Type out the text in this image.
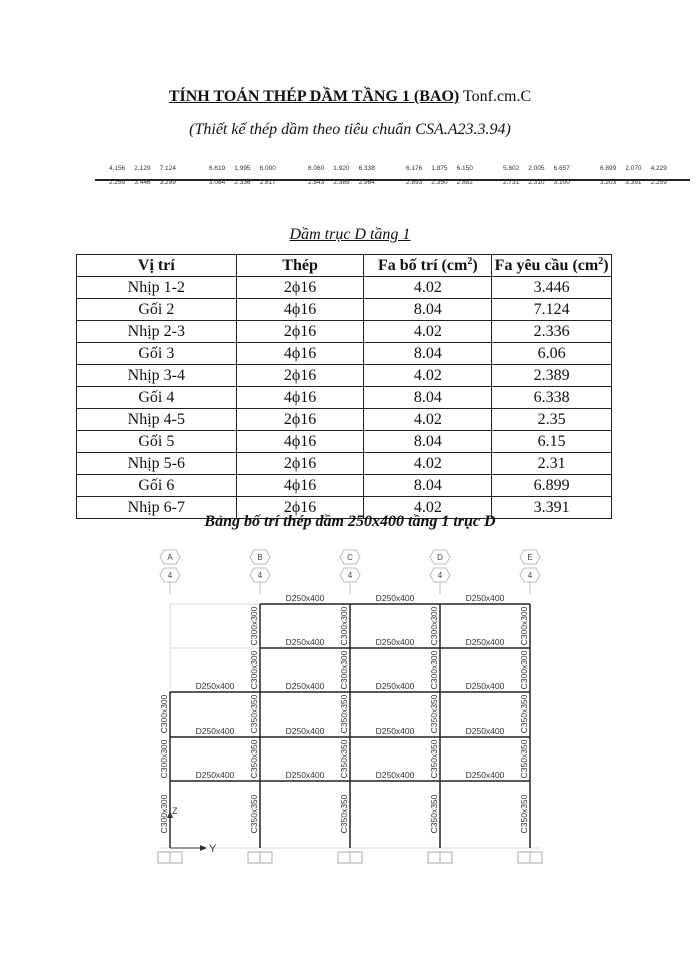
TÍNH TOÁN THÉP DẦM TẦNG 1 (BAO) Tonf.cm.C
(Thiết kế thép dầm theo tiêu chuẩn CSA.A23.3.94)
4.156 2.129 7.124
2.259 3.446 3.299
6.619 1.995 6.000
3.084 2.336 2.817
6.060 1.920 6.338
2.843 2.389 2.964
6.176 1.875 6.150
2.893 2.350 2.882
5.802 2.005 6.657
2.731 2.310 3.100
6.899 2.070 4.229
3.203 3.391 2.259
Dầm trục D tầng 1
Vị trí	Thép	Fa bố trí $(cm^2)$	Fa yêu cầu $(cm^2)$
Nhịp 1-2	2ϕ16	4.02	3.446
Gối 2	4ϕ16	8.04	7.124
Nhịp 2-3	2ϕ16	4.02	2.336
Gối 3	4ϕ16	8.04	6.06
Nhịp 3-4	2ϕ16	4.02	2.389
Gối 4	4ϕ16	8.04	6.338
Nhịp 4-5	2ϕ16	4.02	2.35
Gối 5	4ϕ16	8.04	6.15
Nhịp 5-6	2ϕ16	4.02	2.31
Gối 6	4ϕ16	8.04	6.899
Nhịp 6-7	2ϕ16	4.02	3.391
Bảng bố trí thép dầm 250x400 tầng 1 trục D
A
4
B
4
C
4
D
4
E
4
D250x400	D250x400	D250x400
D250x400	D250x400	D250x400
D250x400	D250x400	D250x400	D250x400
D250x400	D250x400	D250x400	D250x400
D250x400	D250x400	D250x400	D250x400
C300x300	C300x300	C300x300	C300x300
C300x300	C300x300	C300x300	C300x300
C350x350	C350x350	C350x350	C350x350
C350x350	C350x350	C350x350	C350x350
C350x350	C350x350	C350x350	C350x350
C300x300
C300x300
C300x300
Y
Z
